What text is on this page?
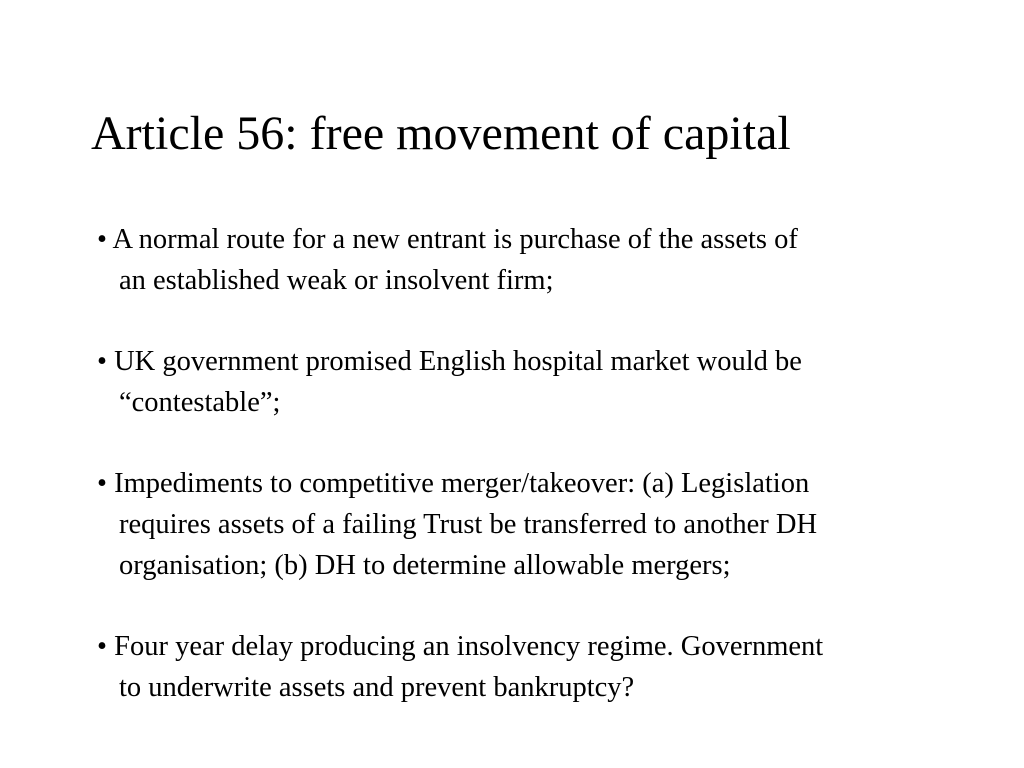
Article 56: free movement of capital
• A normal route for a new entrant is purchase of the assets of
an established weak or insolvent firm;
• UK government promised English hospital market would be
“contestable”;
• Impediments to competitive merger/takeover: (a) Legislation
requires assets of a failing Trust be transferred to another DH
organisation; (b) DH to determine allowable mergers;
• Four year delay producing an insolvency regime. Government
to underwrite assets and prevent bankruptcy?
